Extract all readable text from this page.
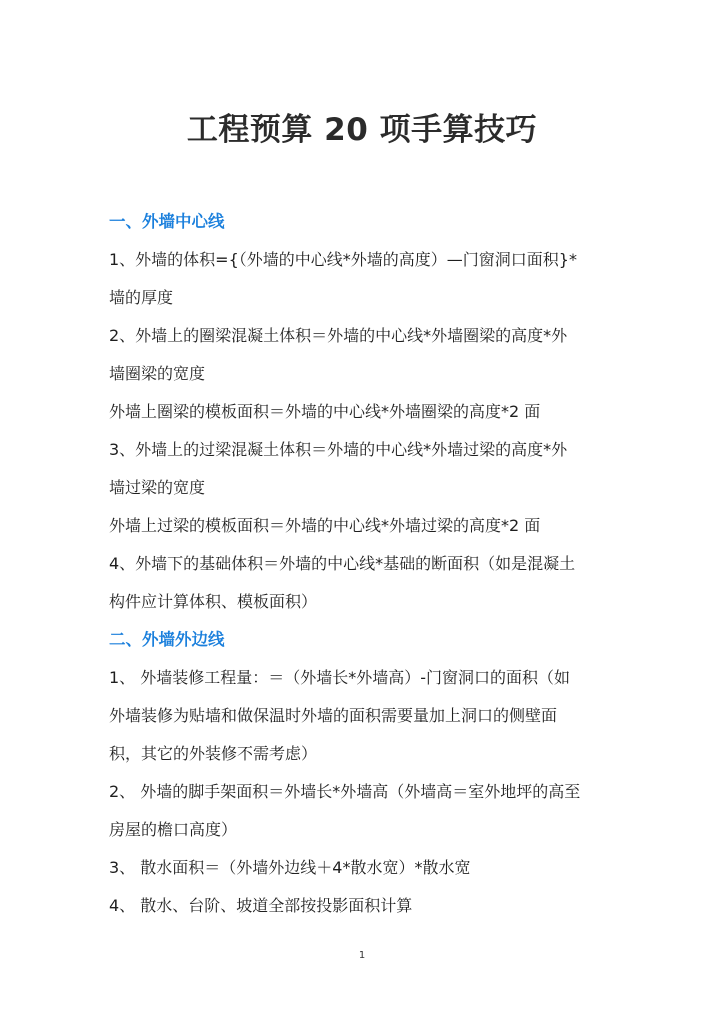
工程预算 20 项手算技巧
一、外墙中心线
1、外墙的体积={（外墙的中心线*外墙的高度）—门窗洞口面积}*
墙的厚度
2、外墙上的圈梁混凝土体积＝外墙的中心线*外墙圈梁的高度*外
墙圈梁的宽度
外墙上圈梁的模板面积＝外墙的中心线*外墙圈梁的高度*2 面
3、外墙上的过梁混凝土体积＝外墙的中心线*外墙过梁的高度*外
墙过梁的宽度
外墙上过梁的模板面积＝外墙的中心线*外墙过梁的高度*2 面
4、外墙下的基础体积＝外墙的中心线*基础的断面积（如是混凝土
构件应计算体积、模板面积）
二、外墙外边线
1、 外墙装修工程量：＝（外墙长*外墙高）-门窗洞口的面积（如
外墙装修为贴墙和做保温时外墙的面积需要量加上洞口的侧壁面
积，其它的外装修不需考虑）
2、 外墙的脚手架面积＝外墙长*外墙高（外墙高＝室外地坪的高至
房屋的檐口高度）
3、 散水面积＝（外墙外边线＋4*散水宽）*散水宽
4、 散水、台阶、坡道全部按投影面积计算
1
